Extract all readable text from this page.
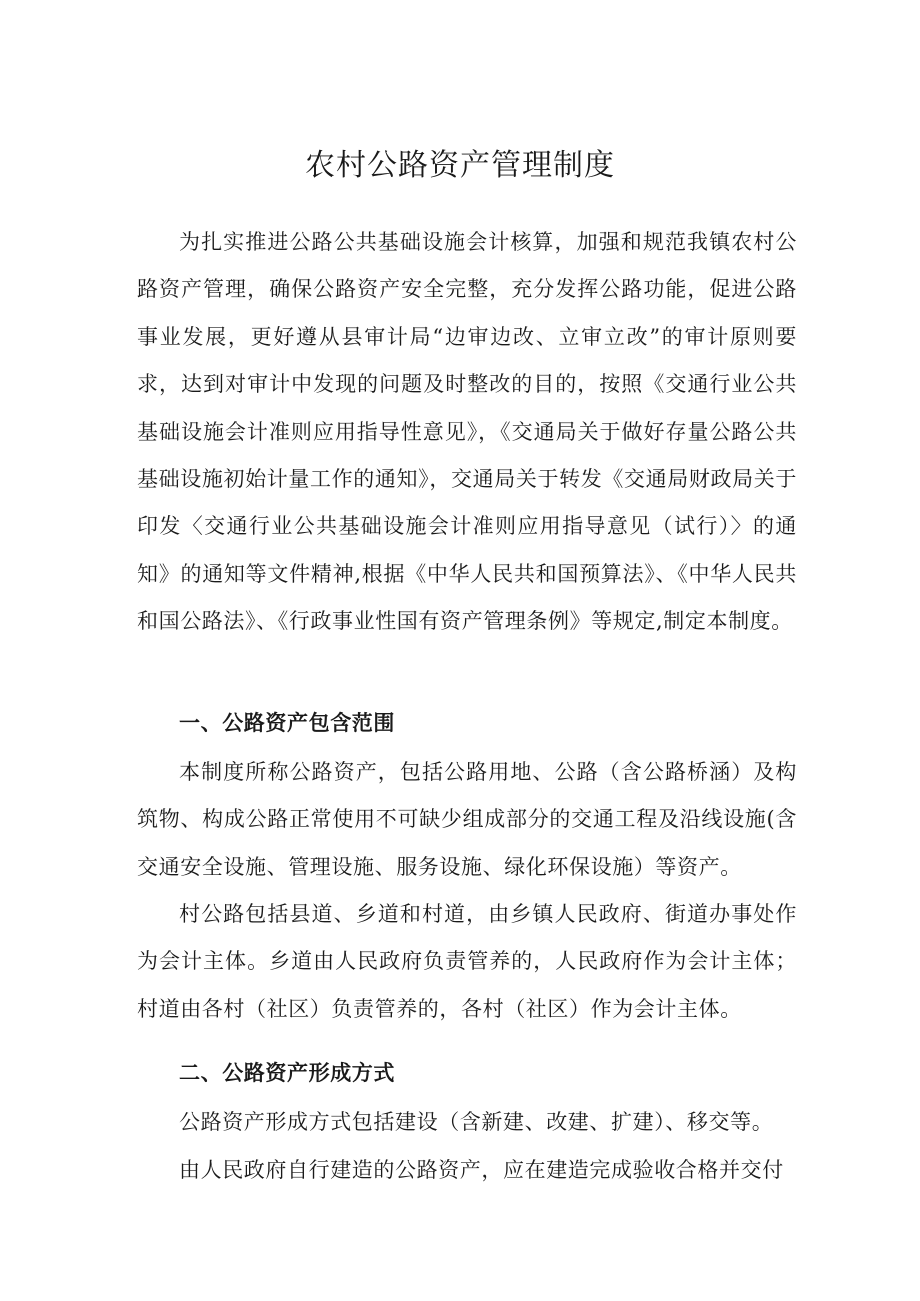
农村公路资产管理制度

为扎实推进公路公共基础设施会计核算，加强和规范我镇农村公路资产管理，确保公路资产安全完整，充分发挥公路功能，促进公路事业发展，更好遵从县审计局“边审边改、立审立改”的审计原则要求，达到对审计中发现的问题及时整改的目的，按照《交通行业公共基础设施会计准则应用指导性意见》，《交通局关于做好存量公路公共基础设施初始计量工作的通知》，交通局关于转发《交通局财政局关于印发〈交通行业公共基础设施会计准则应用指导意见（试行）〉的通知》的通知等文件精神,根据《中华人民共和国预算法》、《中华人民共和国公路法》、《行政事业性国有资产管理条例》等规定,制定本制度。

一、公路资产包含范围

本制度所称公路资产，包括公路用地、公路（含公路桥涵）及构筑物、构成公路正常使用不可缺少组成部分的交通工程及沿线设施(含交通安全设施、管理设施、服务设施、绿化环保设施）等资产。

村公路包括县道、乡道和村道，由乡镇人民政府、街道办事处作为会计主体。乡道由人民政府负责管养的，人民政府作为会计主体；村道由各村（社区）负责管养的，各村（社区）作为会计主体。

二、公路资产形成方式

公路资产形成方式包括建设（含新建、改建、扩建）、移交等。

由人民政府自行建造的公路资产，应在建造完成验收合格并交付
